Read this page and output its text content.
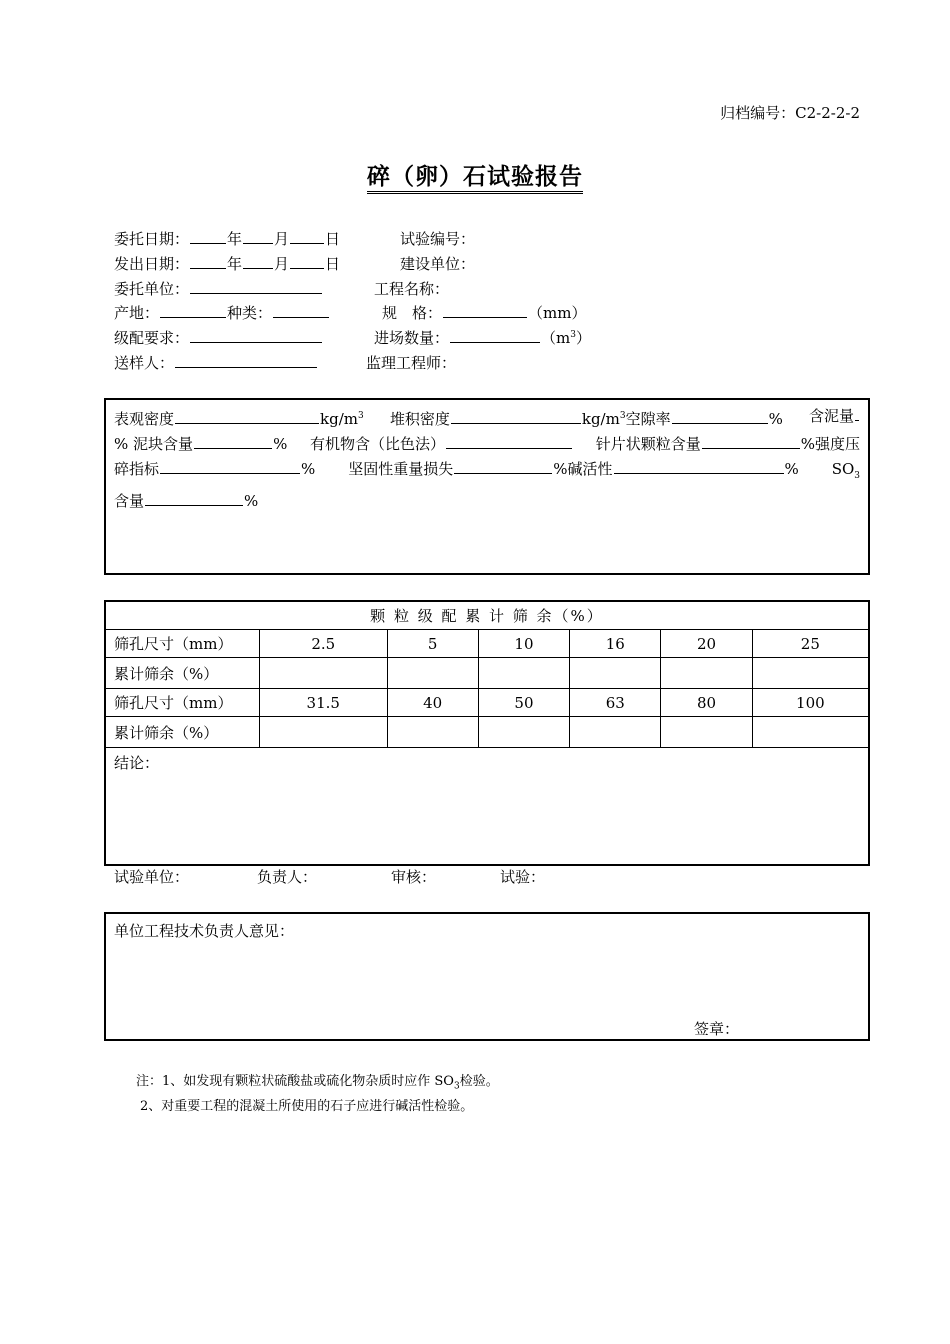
归档编号：C2-2-2-2
碎（卵）石试验报告
委托日期：	年 月 日	试验编号：
发出日期：	年 月 日	建设单位：
委托单位：	工程名称：
产地：	种类：	规　格：	（mm）
级配要求：	进场数量：	$(m^3)$
送样人：	监理工程师：
表观密度	$kg/m^3$ 堆积密度	$kg/m^3$空隙率	% 含泥量
% 泥块含量	% 有机物含（比色法）	针片状颗粒含量	%强度压
碎指标	% 坚固性重量损失	%碱活性	% $SO_3$
含量	%
颗 粒 级 配 累 计 筛 余（%）						
筛孔尺寸（mm）	2.5	5	10	16	20	25
累计筛余（%）						
筛孔尺寸（mm）	31.5	40	50	63	80	100
累计筛余（%）						
结论：						
试验单位：	负责人：	审核：	试验：
单位工程技术负责人意见：
签章：
注：1、如发现有颗粒状硫酸盐或硫化物杂质时应作 $SO_3$检验。
2、对重要工程的混凝土所使用的石子应进行碱活性检验。
